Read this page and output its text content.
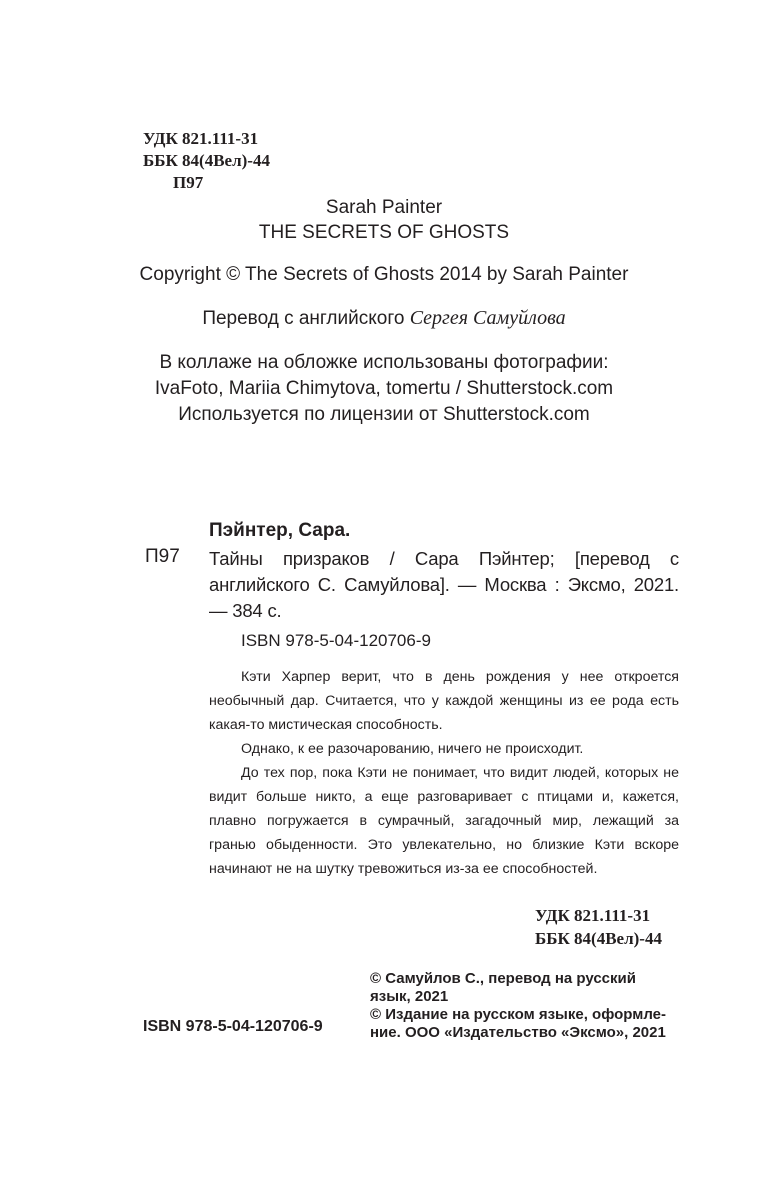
УДК 821.111-31
ББК 84(4Вел)-44
П97
Sarah Painter
THE SECRETS OF GHOSTS
Copyright © The Secrets of Ghosts 2014 by Sarah Painter
Перевод с английского Сергея Самуйлова
В коллаже на обложке использованы фотографии:
IvaFoto, Mariia Chimytova, tomertu / Shutterstock.com
Используется по лицензии от Shutterstock.com
Пэйнтер, Сара.
П97 Тайны призраков / Сара Пэйнтер; [перевод с английского С. Самуйлова]. — Москва : Эксмо, 2021. — 384 с.
ISBN 978-5-04-120706-9

Кэти Харпер верит, что в день рождения у нее откроется необычный дар. Считается, что у каждой женщины из ее рода есть какая-то мистическая способность.

Однако, к ее разочарованию, ничего не происходит.

До тех пор, пока Кэти не понимает, что видит людей, которых не видит больше никто, а еще разговаривает с птицами и, кажется, плавно погружается в сумрачный, загадочный мир, лежащий за гранью обыденности. Это увлекательно, но близкие Кэти вскоре начинают не на шутку тревожиться из-за ее способностей.

УДК 821.111-31
ББК 84(4Вел)-44
© Самуйлов С., перевод на русский
язык, 2021
© Издание на русском языке, оформле-
ние. ООО «Издательство «Эксмо», 2021
ISBN 978-5-04-120706-9
